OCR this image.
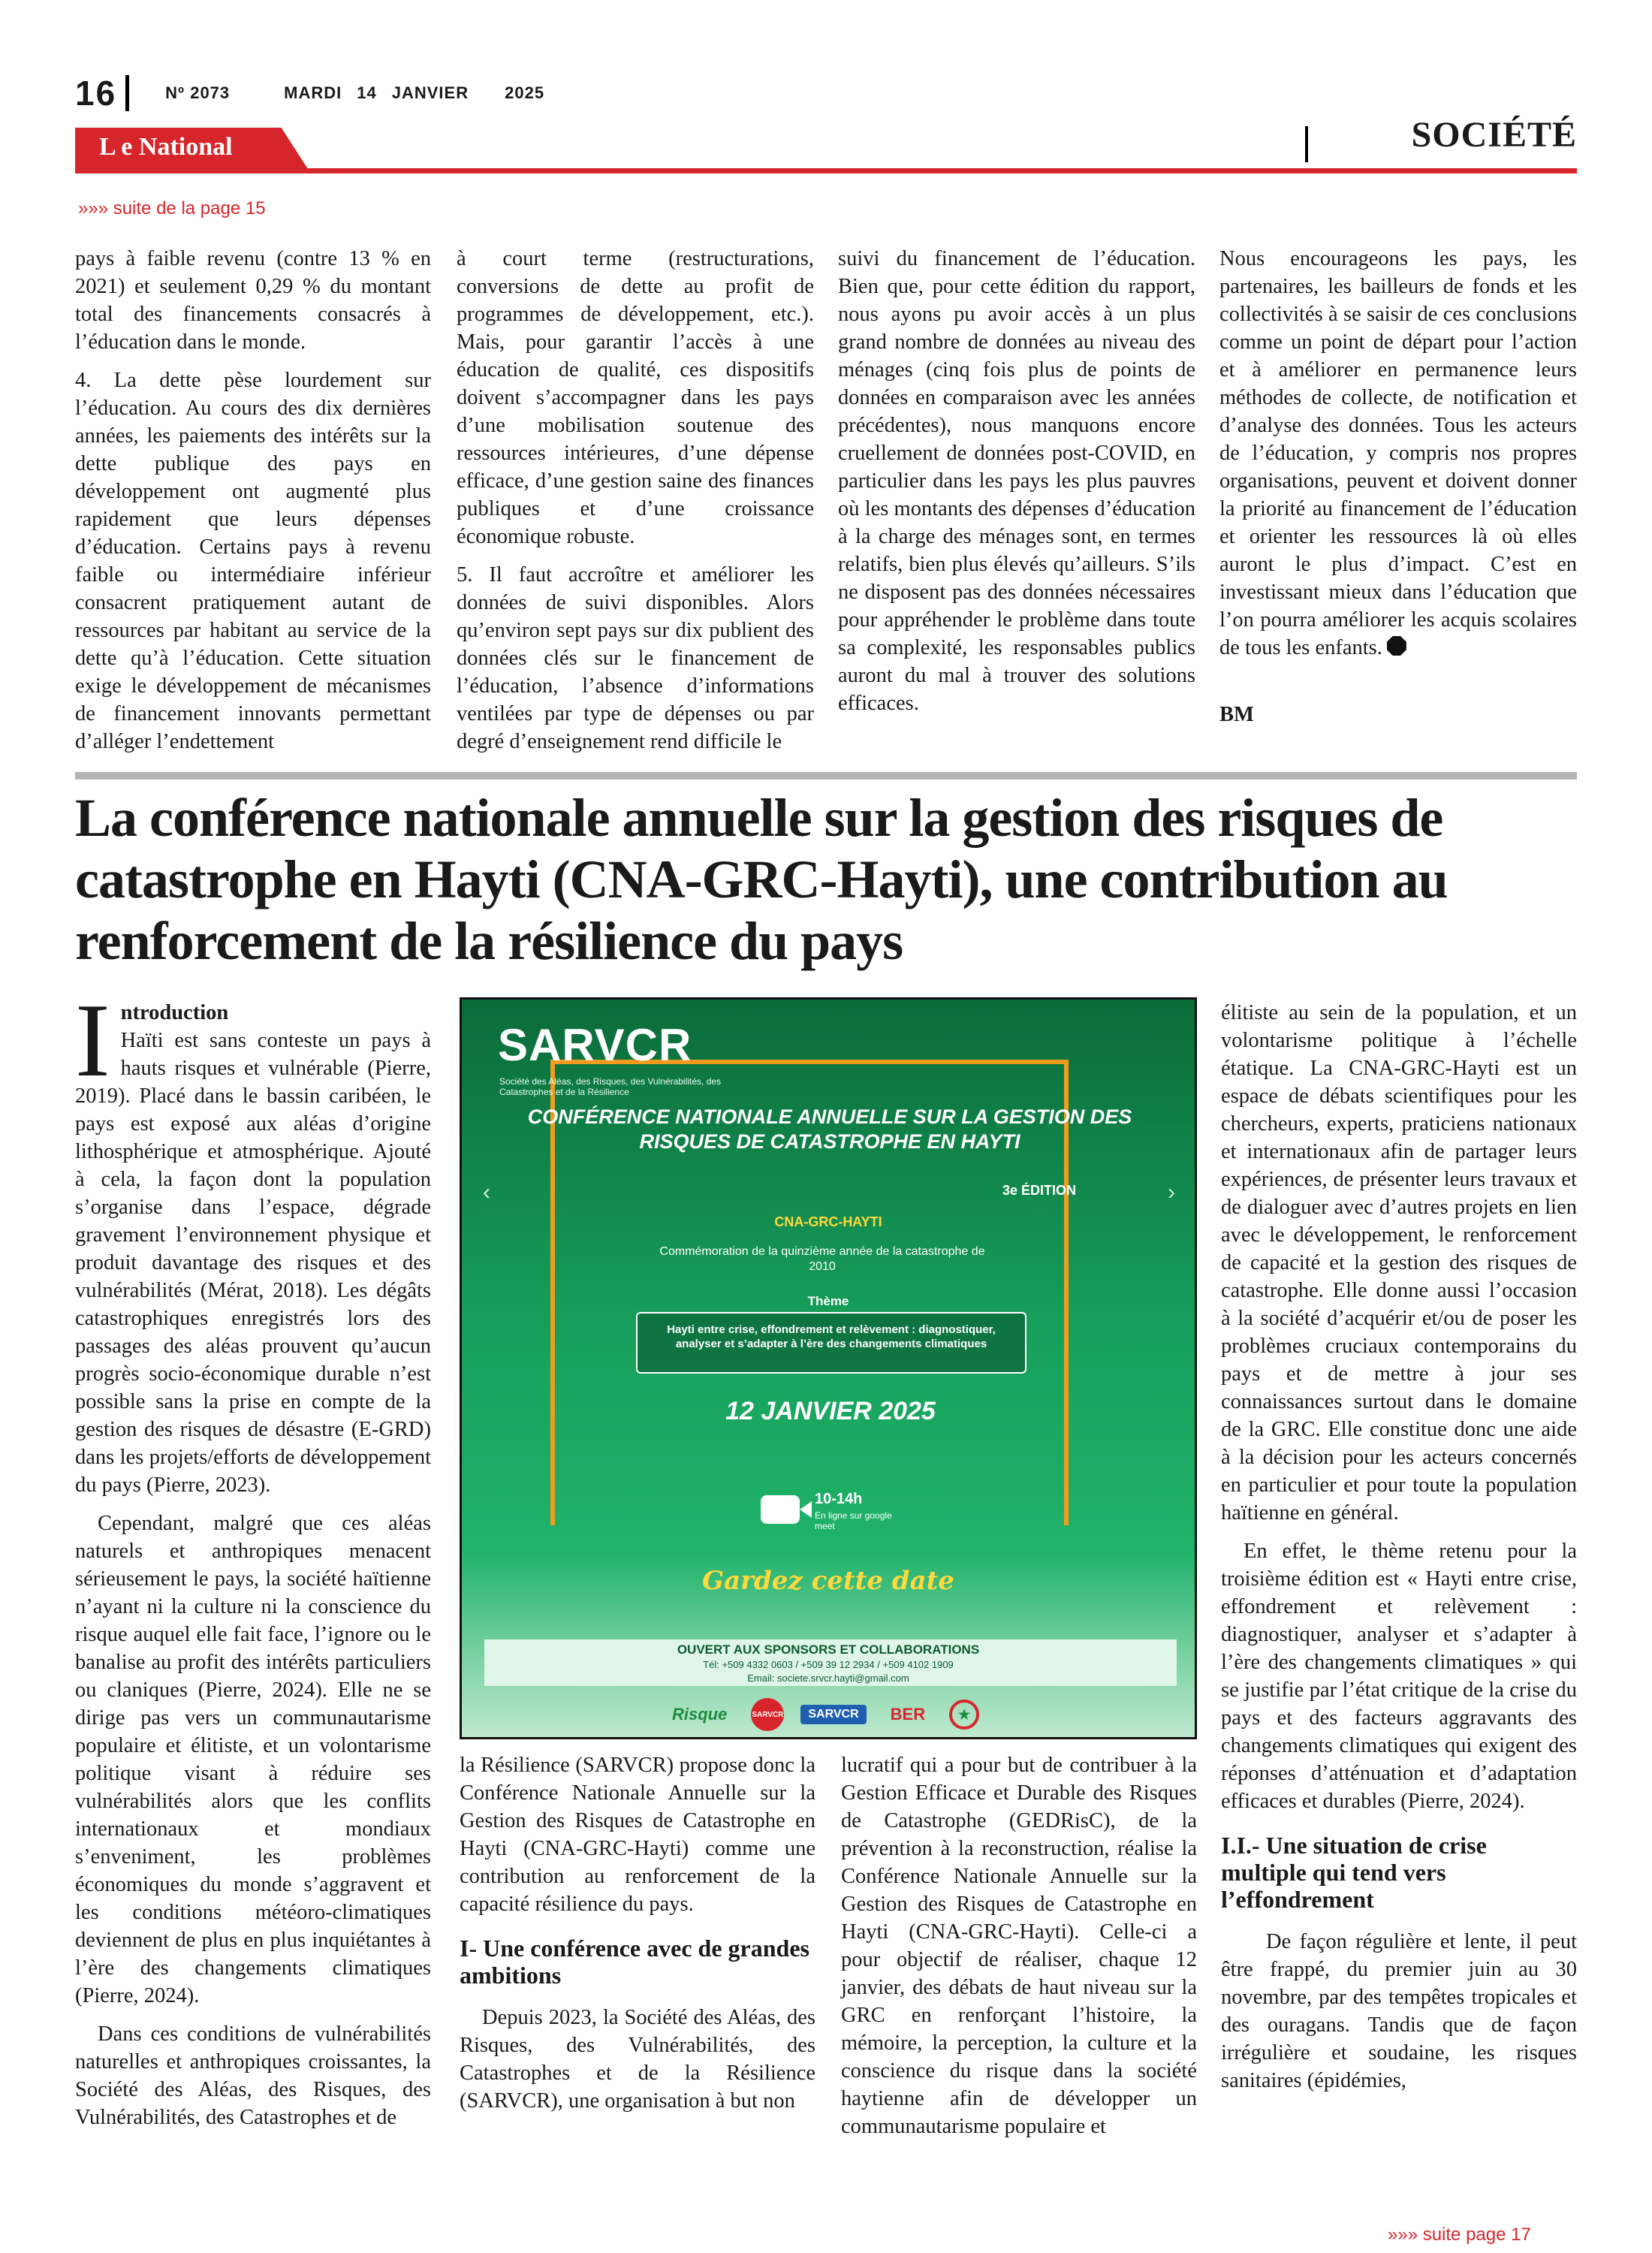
16	Nº 2073	MARDI 14 JANVIER 2025
L e National	SOCIÉTÉ
»»» suite de la page 15

pays à faible revenu (contre 13 % en 2021) et seulement 0,29 % du montant total des financements consacrés à l’éducation dans le monde.

4. La dette pèse lourdement sur l’éducation. Au cours des dix dernières années, les paiements des intérêts sur la dette publique des pays en développement ont augmenté plus rapidement que leurs dépenses d’éducation. Certains pays à revenu faible ou intermédiaire inférieur consacrent pratiquement autant de ressources par habitant au service de la dette qu’à l’éducation. Cette situation exige le développement de mécanismes de financement innovants permettant d’alléger l’endettement

à court terme (restructurations, conversions de dette au profit de programmes de développement, etc.). Mais, pour garantir l’accès à une éducation de qualité, ces dispositifs doivent s’accompagner dans les pays d’une mobilisation soutenue des ressources intérieures, d’une dépense efficace, d’une gestion saine des finances publiques et d’une croissance économique robuste.

5. Il faut accroître et améliorer les données de suivi disponibles. Alors qu’environ sept pays sur dix publient des données clés sur le financement de l’éducation, l’absence d’informations ventilées par type de dépenses ou par degré d’enseignement rend difficile le

suivi du financement de l’éducation. Bien que, pour cette édition du rapport, nous ayons pu avoir accès à un plus grand nombre de données au niveau des ménages (cinq fois plus de points de données en comparaison avec les années précédentes), nous manquons encore cruellement de données post-COVID, en particulier dans les pays les plus pauvres où les montants des dépenses d’éducation à la charge des ménages sont, en termes relatifs, bien plus élevés qu’ailleurs. S’ils ne disposent pas des données nécessaires pour appréhender le problème dans toute sa complexité, les responsables publics auront du mal à trouver des solutions efficaces.

Nous encourageons les pays, les partenaires, les bailleurs de fonds et les collectivités à se saisir de ces conclusions comme un point de départ pour l’action et à améliorer en permanence leurs méthodes de collecte, de notification et d’analyse des données. Tous les acteurs de l’éducation, y compris nos propres organisations, peuvent et doivent donner la priorité au financement de l’éducation et orienter les ressources là où elles auront le plus d’impact. C’est en investissant mieux dans l’éducation que l’on pourra améliorer les acquis scolaires de tous les enfants.

BM

La conférence nationale annuelle sur la gestion des risques de catastrophe en Hayti (CNA-GRC-Hayti), une contribution au renforcement de la résilience du pays
I ntroduction

Haïti est sans conteste un pays à hauts risques et vulnérable (Pierre, 2019). Placé dans le bassin caribéen, le pays est exposé aux aléas d’origine lithosphérique et atmosphérique. Ajouté à cela, la façon dont la population s’organise dans l’espace, dégrade gravement l’environnement physique et produit davantage des risques et des vulnérabilités (Mérat, 2018). Les dégâts catastrophiques enregistrés lors des passages des aléas prouvent qu’aucun progrès socio-économique durable n’est possible sans la prise en compte de la gestion des risques de désastre (E-GRD) dans les projets/efforts de développement du pays (Pierre, 2023).

Cependant, malgré que ces aléas naturels et anthropiques menacent sérieusement le pays, la société haïtienne n’ayant ni la culture ni la conscience du risque auquel elle fait face, l’ignore ou le banalise au profit des intérêts particuliers ou claniques (Pierre, 2024). Elle ne se dirige pas vers un communautarisme populaire et élitiste, et un volontarisme politique visant à réduire ses vulnérabilités alors que les conflits internationaux et mondiaux s’enveniment, les problèmes économiques du monde s’aggravent et les conditions météoro-climatiques deviennent de plus en plus inquiétantes à l’ère des changements climatiques (Pierre, 2024).

Dans ces conditions de vulnérabilités naturelles et anthropiques croissantes, la Société des Aléas, des Risques, des Vulnérabilités, des Catastrophes et de

SARVCR
Société des Aléas, des Risques, des Vulnérabilités, des Catastrophes et de la Résilience
‹	›
CONFÉRENCE NATIONALE ANNUELLE SUR LA GESTION DES RISQUES DE CATASTROPHE EN HAYTI
3e ÉDITION
CNA-GRC-HAYTI
Commémoration de la quinzième année de la catastrophe de 2010
Thème
Hayti entre crise, effondrement et relèvement : diagnostiquer, analyser et s’adapter à l’ère des changements climatiques
12 JANVIER 2025
10-14h
En ligne sur google meet
Gardez cette date
OUVERT AUX SPONSORS ET COLLABORATIONS
Tél: +509 4332 0603 / +509 39 12 2934 / +509 4102 1909
Email: societe.srvcr.hayti@gmail.com
Risque	SARVCR	SARVCR	BER	★

la Résilience (SARVCR) propose donc la Conférence Nationale Annuelle sur la Gestion des Risques de Catastrophe en Hayti (CNA-GRC-Hayti) comme une contribution au renforcement de la capacité résilience du pays.

I- Une conférence avec de grandes ambitions

Depuis 2023, la Société des Aléas, des Risques, des Vulnérabilités, des Catastrophes et de la Résilience (SARVCR), une organisation à but non

lucratif qui a pour but de contribuer à la Gestion Efficace et Durable des Risques de Catastrophe (GEDRisC), de la prévention à la reconstruction, réalise la Conférence Nationale Annuelle sur la Gestion des Risques de Catastrophe en Hayti (CNA-GRC-Hayti). Celle-ci a pour objectif de réaliser, chaque 12 janvier, des débats de haut niveau sur la GRC en renforçant l’histoire, la mémoire, la perception, la culture et la conscience du risque dans la société haytienne afin de développer un communautarisme populaire et

élitiste au sein de la population, et un volontarisme politique à l’échelle étatique. La CNA-GRC-Hayti est un espace de débats scientifiques pour les chercheurs, experts, praticiens nationaux et internationaux afin de partager leurs expériences, de présenter leurs travaux et de dialoguer avec d’autres projets en lien avec le développement, le renforcement de capacité et la gestion des risques de catastrophe. Elle donne aussi l’occasion à la société d’acquérir et/ou de poser les problèmes cruciaux contemporains du pays et de mettre à jour ses connaissances surtout dans le domaine de la GRC. Elle constitue donc une aide à la décision pour les acteurs concernés en particulier et pour toute la population haïtienne en général.

En effet, le thème retenu pour la troisième édition est « Hayti entre crise, effondrement et relèvement : diagnostiquer, analyser et s’adapter à l’ère des changements climatiques » qui se justifie par l’état critique de la crise du pays et des facteurs aggravants des changements climatiques qui exigent des réponses d’atténuation et d’adaptation efficaces et durables (Pierre, 2024).

I.I.- Une situation de crise multiple qui tend vers l’effondrement

De façon régulière et lente, il peut être frappé, du premier juin au 30 novembre, par des tempêtes tropicales et des ouragans. Tandis que de façon irrégulière et soudaine, les risques sanitaires (épidémies,

»»» suite page 17
